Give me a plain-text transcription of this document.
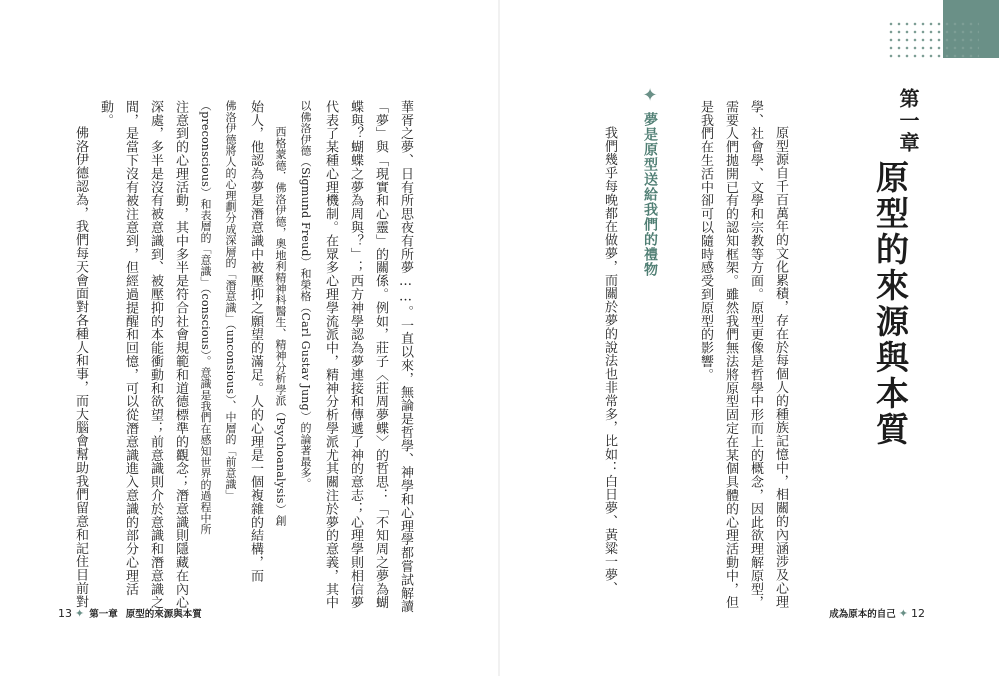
第一章
原型的來源與本質
原型源自千百萬年的文化累積，存在於每個人的種族記憶中，相關的內涵涉及心理
學、社會學、文學和宗教等方面。原型更像是哲學中形而上的概念，因此欲理解原型，
需要人們拋開已有的認知框架。雖然我們無法將原型固定在某個具體的心理活動中，但
是我們在生活中卻可以隨時感受到原型的影響。
我們幾乎每晚都在做夢，而關於夢的說法也非常多，比如：白日夢、黃粱一夢、
成為原本的自己 ✦ 12
✦
夢是原型送給我們的禮物
華胥之夢、日有所思夜有所夢……。一直以來，無論是哲學、神學和心理學都嘗試解讀
「夢」與「現實和心靈」的關係。例如，莊子〈莊周夢蝶〉的哲思：「不知周之夢為蝴
蝶與？蝴蝶之夢為周與？」；西方神學認為夢連接和傳遞了神的意志；心理學則相信夢
代表了某種心理機制。在眾多心理學流派中，精神分析學派尤其關注於夢的意義，其中
以佛洛伊德（Sigmund Freud）和榮格（Carl Gustav Jung）的論著最多。
西格蒙德．佛洛伊德，奧地利精神科醫生、精神分析學派（Psychoanalysis）創
始人，他認為夢是潛意識中被壓抑之願望的滿足。人的心理是一個複雜的結構，而
佛洛伊德將人的心理劃分成深層的「潛意識」（unconsious）、中層的「前意識」
（preconscious）和表層的「意識」（conscious）。意識是我們在感知世界的過程中所
注意到的心理活動，其中多半是符合社會規範和道德標準的觀念；潛意識則隱藏在內心
深處，多半是沒有被意識到、被壓抑的本能衝動和欲望；前意識則介於意識和潛意識之
間，是當下沒有被注意到，但經過提醒和回憶，可以從潛意識進入意識的部分心理活
動。
佛洛伊德認為，我們每天會面對各種人和事，而大腦會幫助我們留意和記住目前對
13 ✦ 第一章 原型的來源與本質
